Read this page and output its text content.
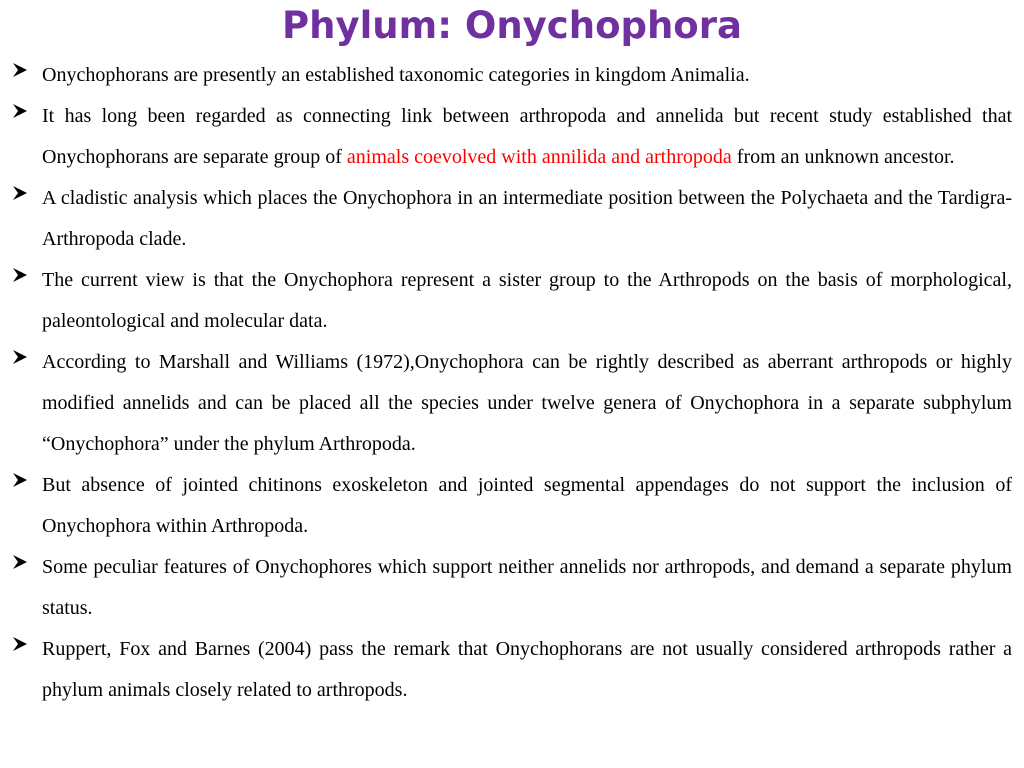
Phylum: Onychophora
Onychophorans are presently an established taxonomic categories in kingdom Animalia.
It has long been regarded as connecting link between arthropoda and annelida but recent study established that Onychophorans are separate group of animals coevolved with annilida and arthropoda from an unknown ancestor.
A cladistic analysis which places the Onychophora in an intermediate position between the Polychaeta and the Tardigra-Arthropoda clade.
The current view is that the Onychophora represent a sister group to the Arthropods on the basis of morphological, paleontological and molecular data.
According to Marshall and Williams (1972),Onychophora can be rightly described as aberrant arthropods or highly modified annelids and can be placed all the species under twelve genera of Onychophora in a separate subphylum “Onychophora” under the phylum Arthropoda.
But absence of jointed chitinons exoskeleton and jointed segmental appendages do not support the inclusion of Onychophora within Arthropoda.
Some peculiar features of Onychophores which support neither annelids nor arthropods, and demand a separate phylum status.
Ruppert, Fox and Barnes (2004) pass the remark that Onychophorans are not usually considered arthropods rather a phylum animals closely related to arthropods.
